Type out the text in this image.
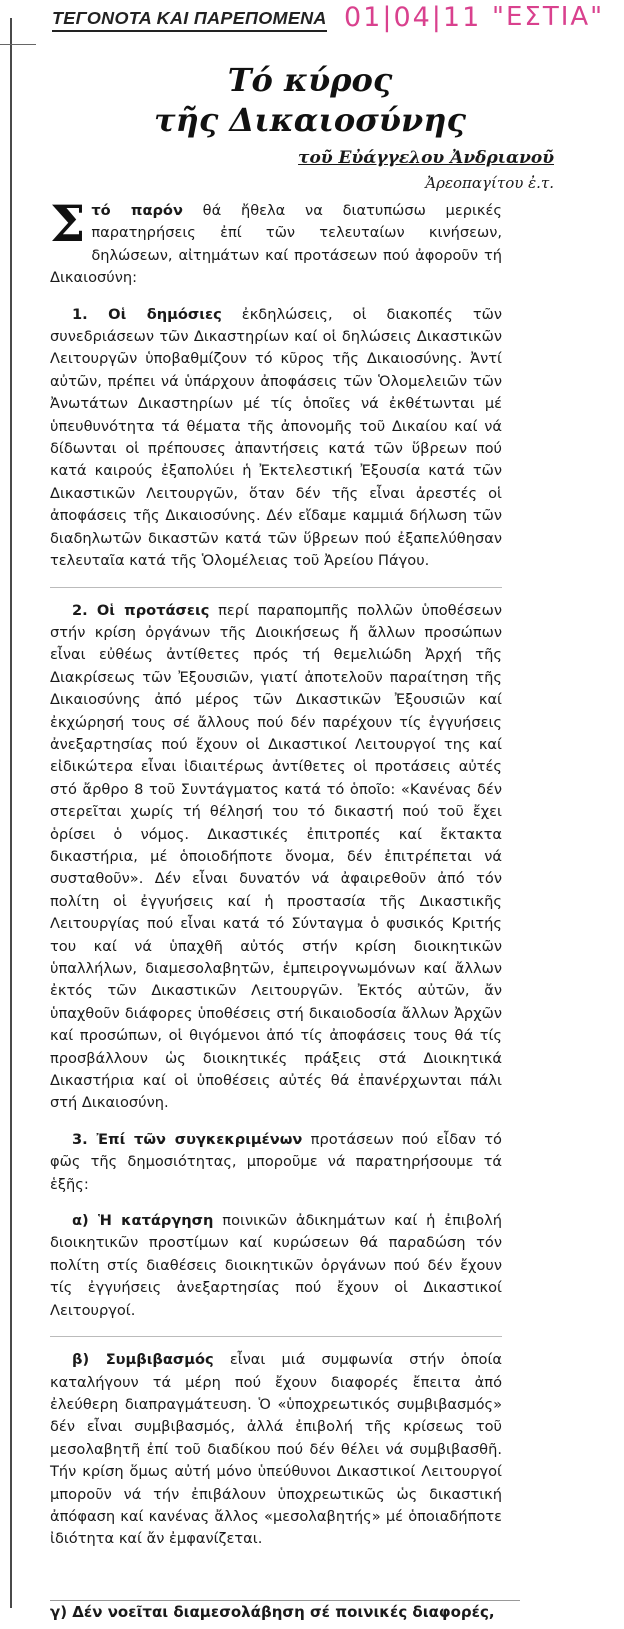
ΤΕΓΟΝΟΤΑ ΚΑΙ ΠΑΡΕΠΟΜΕΝΑ 01|04|11 "ΕΣΤΙΑ"
Τό κύρος
τῆς Δικαιοσύνης
τοῦ Εὐάγγελου Ἀνδριανοῦ
Ἀρεοπαγίτου ἐ.τ.

Στό παρόν θά ἤθελα να διατυπώσω μερικές παρατηρήσεις ἐπί τῶν τελευταίων κινήσεων, δηλώσεων, αἰτημάτων καί προτάσεων πού ἀφοροῦν τή Δικαιοσύνη:

1. Οἱ δημόσιες ἐκδηλώσεις, οἱ διακοπές τῶν συνεδριάσεων τῶν Δικαστηρίων καί οἱ δηλώσεις Δικαστικῶν Λειτουργῶν ὑποβαθμίζουν τό κῦρος τῆς Δικαιοσύνης. Ἀντί αὐτῶν, πρέπει νά ὑπάρχουν ἀποφάσεις τῶν Ὁλομελειῶν τῶν Ἀνωτάτων Δικαστηρίων μέ τίς ὁποῖες νά ἐκθέτωνται μέ ὑπευθυνότητα τά θέματα τῆς ἀπονομῆς τοῦ Δικαίου καί νά δίδωνται οἱ πρέπουσες ἀπαντήσεις κατά τῶν ὕβρεων πού κατά καιρούς ἐξαπολύει ἡ Ἐκτελεστική Ἐξουσία κατά τῶν Δικαστικῶν Λειτουργῶν, ὅταν δέν τῆς εἶναι ἀρεστές οἱ ἀποφάσεις τῆς Δικαιοσύνης. Δέν εἴδαμε καμμιά δήλωση τῶν διαδηλωτῶν δικαστῶν κατά τῶν ὕβρεων πού ἐξαπελύθησαν τελευταῖα κατά τῆς Ὁλομέλειας τοῦ Ἀρείου Πάγου.

2. Οἱ προτάσεις περί παραπομπῆς πολλῶν ὑποθέσεων στήν κρίση ὀργάνων τῆς Διοικήσεως ἤ ἄλλων προσώπων εἶναι εὐθέως ἀντίθετες πρός τή θεμελιώδη Ἀρχή τῆς Διακρίσεως τῶν Ἐξουσιῶν, γιατί ἀποτελοῦν παραίτηση τῆς Δικαιοσύνης ἀπό μέρος τῶν Δικαστικῶν Ἐξουσιῶν καί ἐκχώρησή τους σέ ἄλλους πού δέν παρέχουν τίς ἐγγυήσεις ἀνεξαρτησίας πού ἔχουν οἱ Δικαστικοί Λειτουργοί της καί εἰδικώτερα εἶναι ἰδιαιτέρως ἀντίθετες οἱ προτάσεις αὐτές στό ἄρθρο 8 τοῦ Συντάγματος κατά τό ὁποῖο: «Κανένας δέν στερεῖται χωρίς τή θέλησή του τό δικαστή πού τοῦ ἔχει ὁρίσει ὁ νόμος. Δικαστικές ἐπιτροπές καί ἔκτακτα δικαστήρια, μέ ὁποιοδήποτε ὄνομα, δέν ἐπιτρέπεται νά συσταθοῦν». Δέν εἶναι δυνατόν νά ἀφαιρεθοῦν ἀπό τόν πολίτη οἱ ἐγγυήσεις καί ἡ προστασία τῆς Δικαστικῆς Λειτουργίας πού εἶναι κατά τό Σύνταγμα ὁ φυσικός Κριτής του καί νά ὑπαχθῆ αὐτός στήν κρίση διοικητικῶν ὑπαλλήλων, διαμεσολαβητῶν, ἐμπειρογνωμόνων καί ἄλλων ἐκτός τῶν Δικαστικῶν Λειτουργῶν. Ἐκτός αὐτῶν, ἄν ὑπαχθοῦν διάφορες ὑποθέσεις στή δικαιοδοσία ἄλλων Ἀρχῶν καί προσώπων, οἱ θιγόμενοι ἀπό τίς ἀποφάσεις τους θά τίς προσβάλλουν ὡς διοικητικές πράξεις στά Διοικητικά Δικαστήρια καί οἱ ὑποθέσεις αὐτές θά ἐπανέρχωνται πάλι στή Δικαιοσύνη.

3. Ἐπί τῶν συγκεκριμένων προτάσεων πού εἶδαν τό φῶς τῆς δημοσιότητας, μποροῦμε νά παρατηρήσουμε τά ἑξῆς:

α) Ἡ κατάργηση ποινικῶν ἀδικημάτων καί ἡ ἐπιβολή διοικητικῶν προστίμων καί κυρώσεων θά παραδώση τόν πολίτη στίς διαθέσεις διοικητικῶν ὀργάνων πού δέν ἔχουν τίς ἐγγυήσεις ἀνεξαρτησίας πού ἔχουν οἱ Δικαστικοί Λειτουργοί.

β) Συμβιβασμός εἶναι μιά συμφωνία στήν ὁποία καταλήγουν τά μέρη πού ἔχουν διαφορές ἔπειτα ἀπό ἐλεύθερη διαπραγμάτευση. Ὁ «ὑποχρεωτικός συμβιβασμός» δέν εἶναι συμβιβασμός, ἀλλά ἐπιβολή τῆς κρίσεως τοῦ μεσολαβητῆ ἐπί τοῦ διαδίκου πού δέν θέλει νά συμβιβασθῆ. Τήν κρίση ὅμως αὐτή μόνο ὑπεύθυνοι Δικαστικοί Λειτουργοί μποροῦν νά τήν ἐπιβάλουν ὑποχρεωτικῶς ὡς δικαστική ἀπόφαση καί κανένας ἄλλος «μεσολαβητής» μέ ὁποιαδήποτε ἰδιότητα καί ἄν ἐμφανίζεται.

γ) Δέν νοεῖται διαμεσολάβηση σέ ποινικές διαφορές,
